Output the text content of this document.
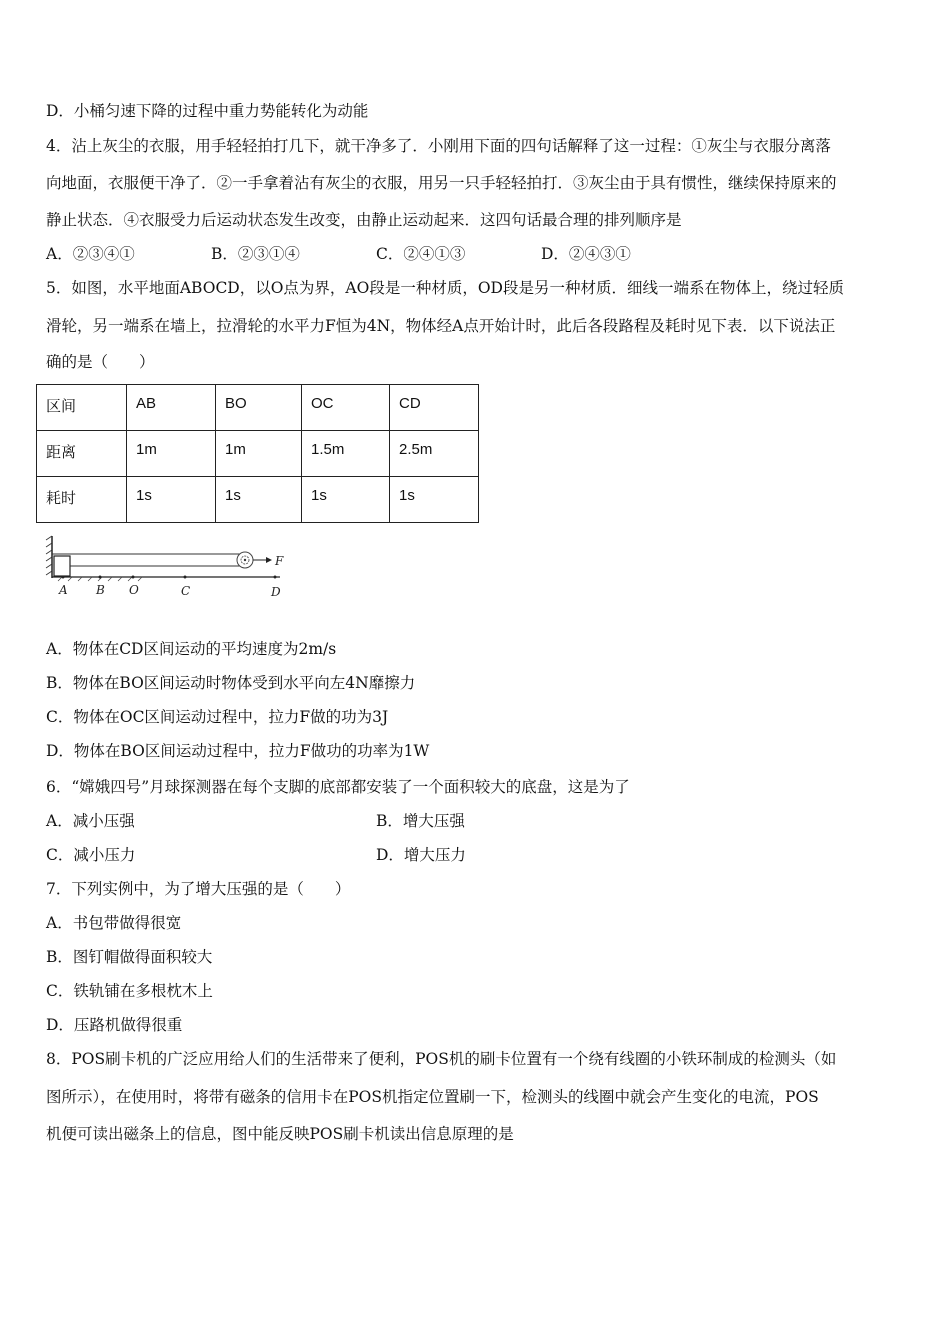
D．小桶匀速下降的过程中重力势能转化为动能
4．沾上灰尘的衣服，用手轻轻拍打几下，就干净多了．小刚用下面的四句话解释了这一过程：①灰尘与衣服分离落
向地面，衣服便干净了．②一手拿着沾有灰尘的衣服，用另一只手轻轻拍打．③灰尘由于具有惯性，继续保持原来的
静止状态．④衣服受力后运动状态发生改变，由静止运动起来．这四句话最合理的排列顺序是
A．②③④①	B．②③①④	C．②④①③	D．②④③①
5．如图，水平地面ABOCD，以O点为界，AO段是一种材质，OD段是另一种材质．细线一端系在物体上，绕过轻质
滑轮，另一端系在墙上，拉滑轮的水平力F恒为4N，物体经A点开始计时，此后各段路程及耗时见下表．以下说法正
确的是（　　）
区间	AB	BO	OC	CD
距离	1m	1m	1.5m	2.5m
耗时	1s	1s	1s	1s
F
A B O	C	D
A．物体在CD区间运动的平均速度为2m/s
B．物体在BO区间运动时物体受到水平向左4N靡擦力
C．物体在OC区间运动过程中，拉力F做的功为3J
D．物体在BO区间运动过程中，拉力F做功的功率为1W
6．“嫦娥四号”月球探测器在每个支脚的底部都安装了一个面积较大的底盘，这是为了
A．减小压强	B．增大压强
C．减小压力	D．增大压力
7．下列实例中，为了增大压强的是（　　）
A．书包带做得很宽
B．图钉帽做得面积较大
C．铁轨铺在多根枕木上
D．压路机做得很重
8．POS刷卡机的广泛应用给人们的生活带来了便利，POS机的刷卡位置有一个绕有线圈的小铁环制成的检测头（如
图所示），在使用时，将带有磁条的信用卡在POS机指定位置刷一下，检测头的线圈中就会产生变化的电流，POS
机便可读出磁条上的信息，图中能反映POS刷卡机读出信息原理的是
